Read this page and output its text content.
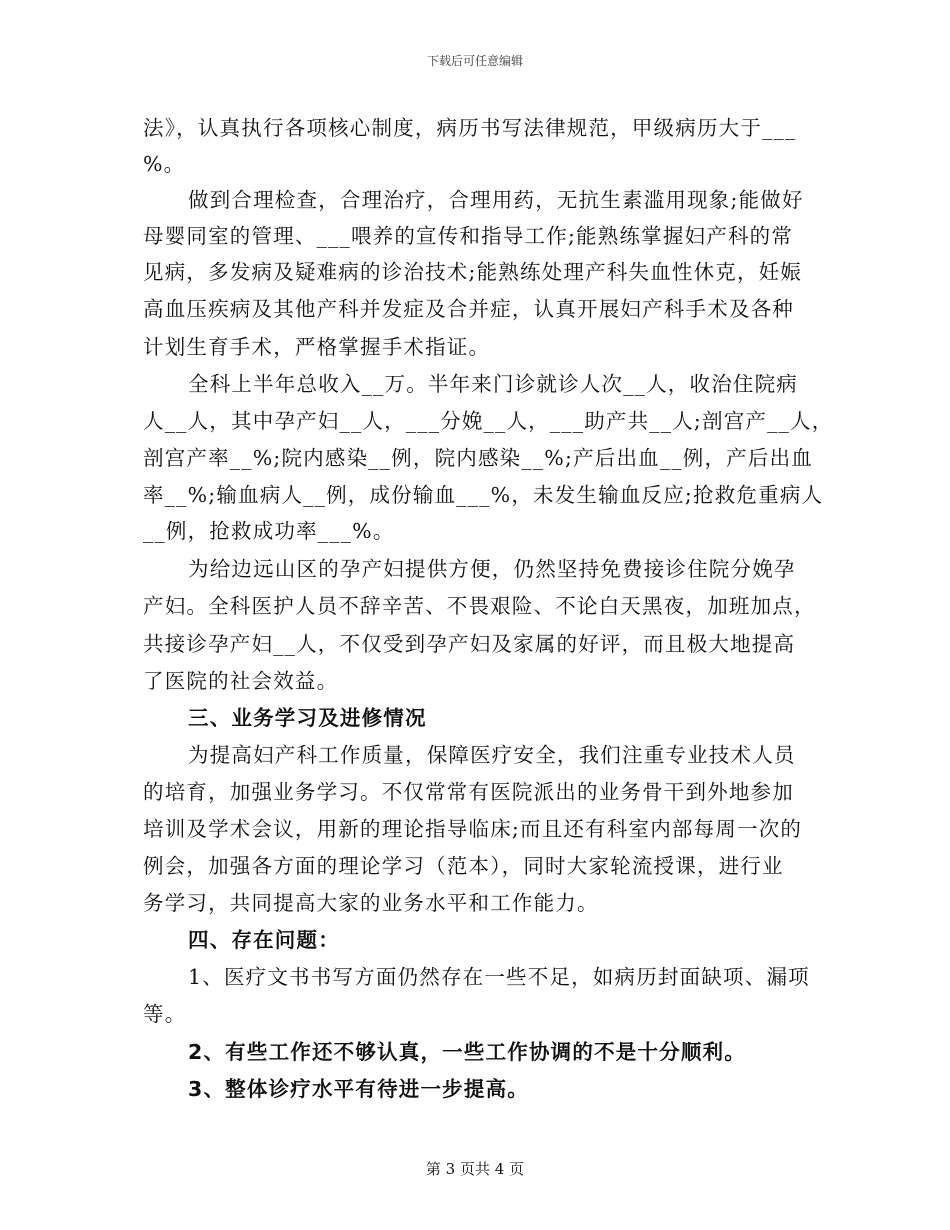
下载后可任意编辑
法》，认真执行各项核心制度，病历书写法律规范，甲级病历大于___
%。
做到合理检查，合理治疗，合理用药，无抗生素滥用现象;能做好
母婴同室的管理、___喂养的宣传和指导工作;能熟练掌握妇产科的常
见病，多发病及疑难病的诊治技术;能熟练处理产科失血性休克，妊娠
高血压疾病及其他产科并发症及合并症，认真开展妇产科手术及各种
计划生育手术，严格掌握手术指证。
全科上半年总收入__万。半年来门诊就诊人次__人，收治住院病
人__人，其中孕产妇__人，___分娩__人，___助产共__人;剖宫产__人，
剖宫产率__%;院内感染__例，院内感染__%;产后出血__例，产后出血
率__%;输血病人__例，成份输血___%，未发生输血反应;抢救危重病人
__例，抢救成功率___%。
为给边远山区的孕产妇提供方便，仍然坚持免费接诊住院分娩孕
产妇。全科医护人员不辞辛苦、不畏艰险、不论白天黑夜，加班加点，
共接诊孕产妇__人，不仅受到孕产妇及家属的好评，而且极大地提高
了医院的社会效益。
三、业务学习及进修情况
为提高妇产科工作质量，保障医疗安全，我们注重专业技术人员
的培育，加强业务学习。不仅常常有医院派出的业务骨干到外地参加
培训及学术会议，用新的理论指导临床;而且还有科室内部每周一次的
例会，加强各方面的理论学习（范本），同时大家轮流授课，进行业
务学习，共同提高大家的业务水平和工作能力。
四、存在问题：
1、医疗文书书写方面仍然存在一些不足，如病历封面缺项、漏项
等。
2、有些工作还不够认真，一些工作协调的不是十分顺利。
3、整体诊疗水平有待进一步提高。
第 3 页共 4 页
